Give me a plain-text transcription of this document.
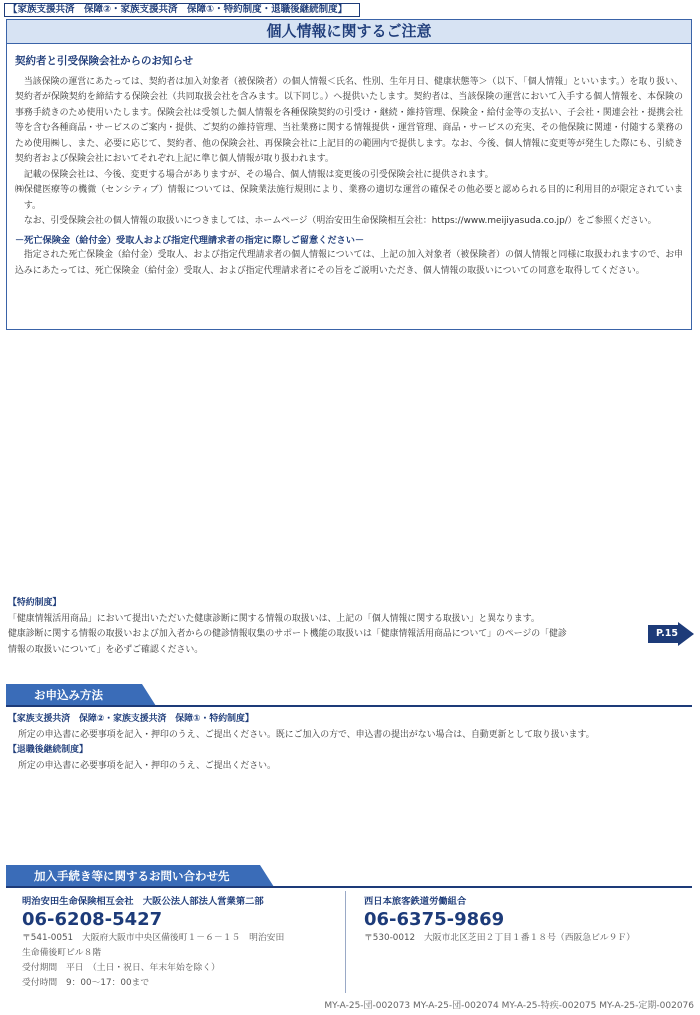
【家族支援共済　保障②・家族支援共済　保障①・特約制度・退職後継続制度】
個人情報に関するご注意
契約者と引受保険会社からのお知らせ

当該保険の運営にあたっては、契約者は加入対象者（被保険者）の個人情報＜氏名、性別、生年月日、健康状態等＞（以下、「個人情報」といいます。）を取り扱い、契約者が保険契約を締結する保険会社（共同取扱会社を含みます。以下同じ。）へ提供いたします。契約者は、当該保険の運営において入手する個人情報を、本保険の事務手続きのため使用いたします。保険会社は受領した個人情報を各種保険契約の引受け・継続・維持管理、保険金・給付金等の支払い、子会社・関連会社・提携会社等を含む各種商品・サービスのご案内・提供、ご契約の維持管理、当社業務に関する情報提供・運営管理、商品・サービスの充実、その他保険に関連・付随する業務のため使用㈱し、また、必要に応じて、契約者、他の保険会社、再保険会社に上記目的の範囲内で提供します。なお、今後、個人情報に変更等が発生した際にも、引続き契約者および保険会社においてそれぞれ上記に準じ個人情報が取り扱われます。

記載の保険会社は、今後、変更する場合がありますが、その場合、個人情報は変更後の引受保険会社に提供されます。

㈱保健医療等の機微（センシティブ）情報については、保険業法施行規則により、業務の適切な運営の確保その他必要と認められる目的に利用目的が限定されています。

なお、引受保険会社の個人情報の取扱いにつきましては、ホームページ（明治安田生命保険相互会社：https://www.meijiyasuda.co.jp/）をご参照ください。

－死亡保険金（給付金）受取人および指定代理請求者の指定に際しご留意ください－

指定された死亡保険金（給付金）受取人、および指定代理請求者の個人情報については、上記の加入対象者（被保険者）の個人情報と同様に取扱われますので、お申込みにあたっては、死亡保険金（給付金）受取人、および指定代理請求者にその旨をご説明いただき、個人情報の取扱いについての同意を取得してください。

【特約制度】
「健康情報活用商品」において提出いただいた健康診断に関する情報の取扱いは、上記の「個人情報に関する取扱い」と異なります。
健康診断に関する情報の取扱いおよび加入者からの健診情報収集のサポート機能の取扱いは「健康情報活用商品について」のページの「健診
情報の取扱いについて」を必ずご確認ください。
P.15
お申込み方法
【家族支援共済　保障②・家族支援共済　保障①・特約制度】
所定の申込書に必要事項を記入・押印のうえ、ご提出ください。既にご加入の方で、申込書の提出がない場合は、自動更新として取り扱います。
【退職後継続制度】
所定の申込書に必要事項を記入・押印のうえ、ご提出ください。
加入手続き等に関するお問い合わせ先
明治安田生命保険相互会社　大阪公法人部法人営業第二部
06-6208-5427
〒541-0051　大阪府大阪市中央区備後町１－６－１５　明治安田
生命備後町ビル８階
受付期間　平日　（土日・祝日、年末年始を除く）
受付時間　9：00～17：00まで
西日本旅客鉄道労働組合
06-6375-9869
〒530-0012　大阪市北区芝田２丁目１番１８号（西阪急ビル９Ｆ）
MY-A-25-団-002073 MY-A-25-団-002074 MY-A-25-特疾-002075 MY-A-25-定期-002076
